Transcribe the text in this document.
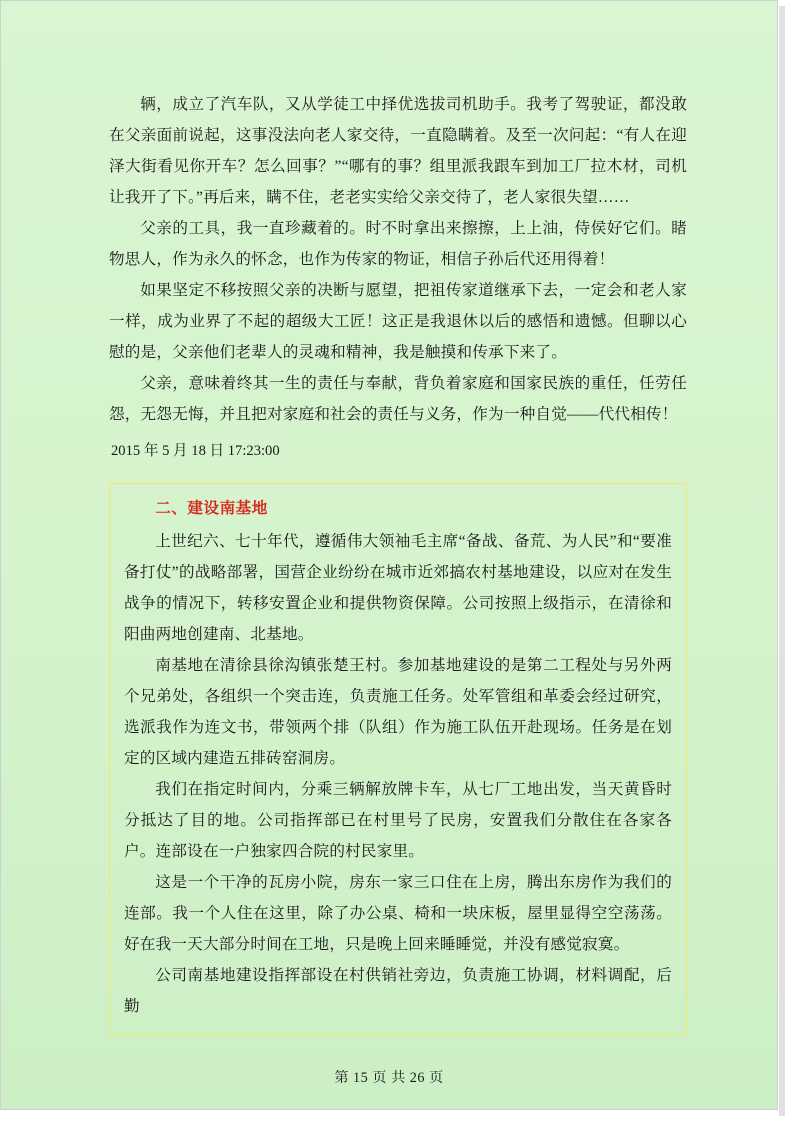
辆，成立了汽车队，又从学徒工中择优选拔司机助手。我考了驾驶证，都没敢在父亲面前说起，这事没法向老人家交待，一直隐瞒着。及至一次问起：“有人在迎泽大街看见你开车？怎么回事？”“哪有的事？组里派我跟车到加工厂拉木材，司机让我开了下。”再后来，瞒不住，老老实实给父亲交待了，老人家很失望……

父亲的工具，我一直珍藏着的。时不时拿出来擦擦，上上油，侍侯好它们。睹物思人，作为永久的怀念，也作为传家的物证，相信子孙后代还用得着！

如果坚定不移按照父亲的决断与愿望，把祖传家道继承下去，一定会和老人家一样，成为业界了不起的超级大工匠！这正是我退休以后的感悟和遗憾。但聊以心慰的是，父亲他们老辈人的灵魂和精神，我是触摸和传承下来了。

父亲，意味着终其一生的责任与奉献，背负着家庭和国家民族的重任，任劳任怨，无怨无悔，并且把对家庭和社会的责任与义务，作为一种自觉——代代相传！

2015 年 5 月 18 日 17:23:00
二、建设南基地

上世纪六、七十年代，遵循伟大领袖毛主席“备战、备荒、为人民”和“要准备打仗”的战略部署，国营企业纷纷在城市近郊搞农村基地建设，以应对在发生战争的情况下，转移安置企业和提供物资保障。公司按照上级指示，在清徐和阳曲两地创建南、北基地。

南基地在清徐县徐沟镇张楚王村。参加基地建设的是第二工程处与另外两个兄弟处，各组织一个突击连，负责施工任务。处军管组和革委会经过研究，选派我作为连文书，带领两个排（队组）作为施工队伍开赴现场。任务是在划定的区域内建造五排砖窑洞房。

我们在指定时间内，分乘三辆解放牌卡车，从七厂工地出发，当天黄昏时分抵达了目的地。公司指挥部已在村里号了民房，安置我们分散住在各家各户。连部设在一户独家四合院的村民家里。

这是一个干净的瓦房小院，房东一家三口住在上房，腾出东房作为我们的连部。我一个人住在这里，除了办公桌、椅和一块床板，屋里显得空空荡荡。好在我一天大部分时间在工地，只是晚上回来睡睡觉，并没有感觉寂寞。

公司南基地建设指挥部设在村供销社旁边，负责施工协调，材料调配，后勤

第 15 页 共 26 页
